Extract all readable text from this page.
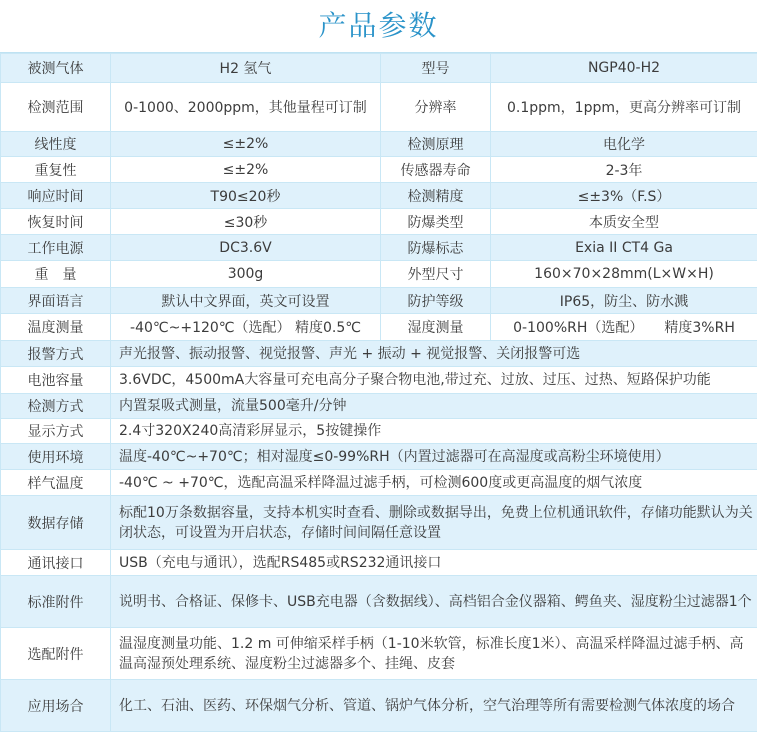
产品参数
被测气体	H2 氢气	型号	NGP40-H2
检测范围	0-1000、2000ppm，其他量程可订制	分辨率	0.1ppm，1ppm，更高分辨率可订制
线性度	≤±2%	检测原理	电化学
重复性	≤±2%	传感器寿命	2-3年
响应时间	T90≤20秒	检测精度	≤±3%（F.S）
恢复时间	≤30秒	防爆类型	本质安全型
工作电源	DC3.6V	防爆标志	Exia II CT4 Ga
重　量	300g	外型尺寸	160×70×28mm(L×W×H)
界面语言	默认中文界面，英文可设置	防护等级	IP65，防尘、防水溅
温度测量	-40℃~+120℃（选配） 精度0.5℃	湿度测量	0-100%RH（选配）　　精度3%RH
报警方式	声光报警、振动报警、视觉报警、声光 + 振动 + 视觉报警、关闭报警可选		
电池容量	3.6VDC，4500mA大容量可充电高分子聚合物电池,带过充、过放、过压、过热、短路保护功能		
检测方式	内置泵吸式测量，流量500毫升/分钟		
显示方式	2.4寸320X240高清彩屏显示，5按键操作		
使用环境	温度-40℃~+70℃；相对湿度≤0-99%RH（内置过滤器可在高湿度或高粉尘环境使用）		
样气温度	-40℃ ~ +70℃，选配高温采样降温过滤手柄，可检测600度或更高温度的烟气浓度		
数据存储	标配10万条数据容量，支持本机实时查看、删除或数据导出，免费上位机通讯软件，存储功能默认为关闭状态，可设置为开启状态，存储时间间隔任意设置		
通讯接口	USB（充电与通讯），选配RS485或RS232通讯接口		
标准附件	说明书、合格证、保修卡、USB充电器（含数据线）、高档铝合金仪器箱、鳄鱼夹、湿度粉尘过滤器1个		
选配附件	温湿度测量功能、1.2 m 可伸缩采样手柄（1-10米软管，标准长度1米）、高温采样降温过滤手柄、高温高湿预处理系统、湿度粉尘过滤器多个、挂绳、皮套		
应用场合	化工、石油、医药、环保烟气分析、管道、锅炉气体分析，空气治理等所有需要检测气体浓度的场合		
